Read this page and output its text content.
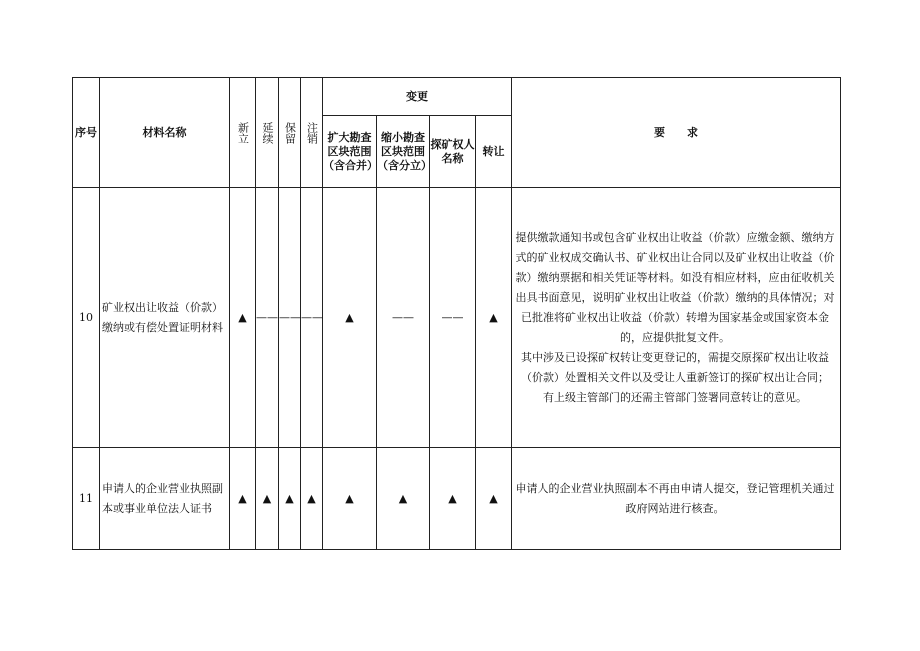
序号	材料名称	新立	延续	保留	注销	变更				要　　求
						扩大勘查区块范围（含合并）	缩小勘查区块范围（含分立）	探矿权人名称	转让	
10	矿业权出让收益（价款）缴纳或有偿处置证明材料	▲	——	——	——	▲	——	——	▲	提供缴款通知书或包含矿业权出让收益（价款）应缴金额、缴纳方式的矿业权成交确认书、矿业权出让合同以及矿业权出让收益（价款）缴纳票据和相关凭证等材料。如没有相应材料，应由征收机关出具书面意见，说明矿业权出让收益（价款）缴纳的具体情况；对已批准将矿业权出让收益（价款）转增为国家基金或国家资本金的，应提供批复文件。

其中涉及已设探矿权转让变更登记的，需提交原探矿权出让收益（价款）处置相关文件以及受让人重新签订的探矿权出让合同；

有上级主管部门的还需主管部门签署同意转让的意见。

11	申请人的企业营业执照副本或事业单位法人证书	▲	▲	▲	▲	▲	▲	▲	▲	申请人的企业营业执照副本不再由申请人提交，登记管理机关通过政府网站进行核查。
